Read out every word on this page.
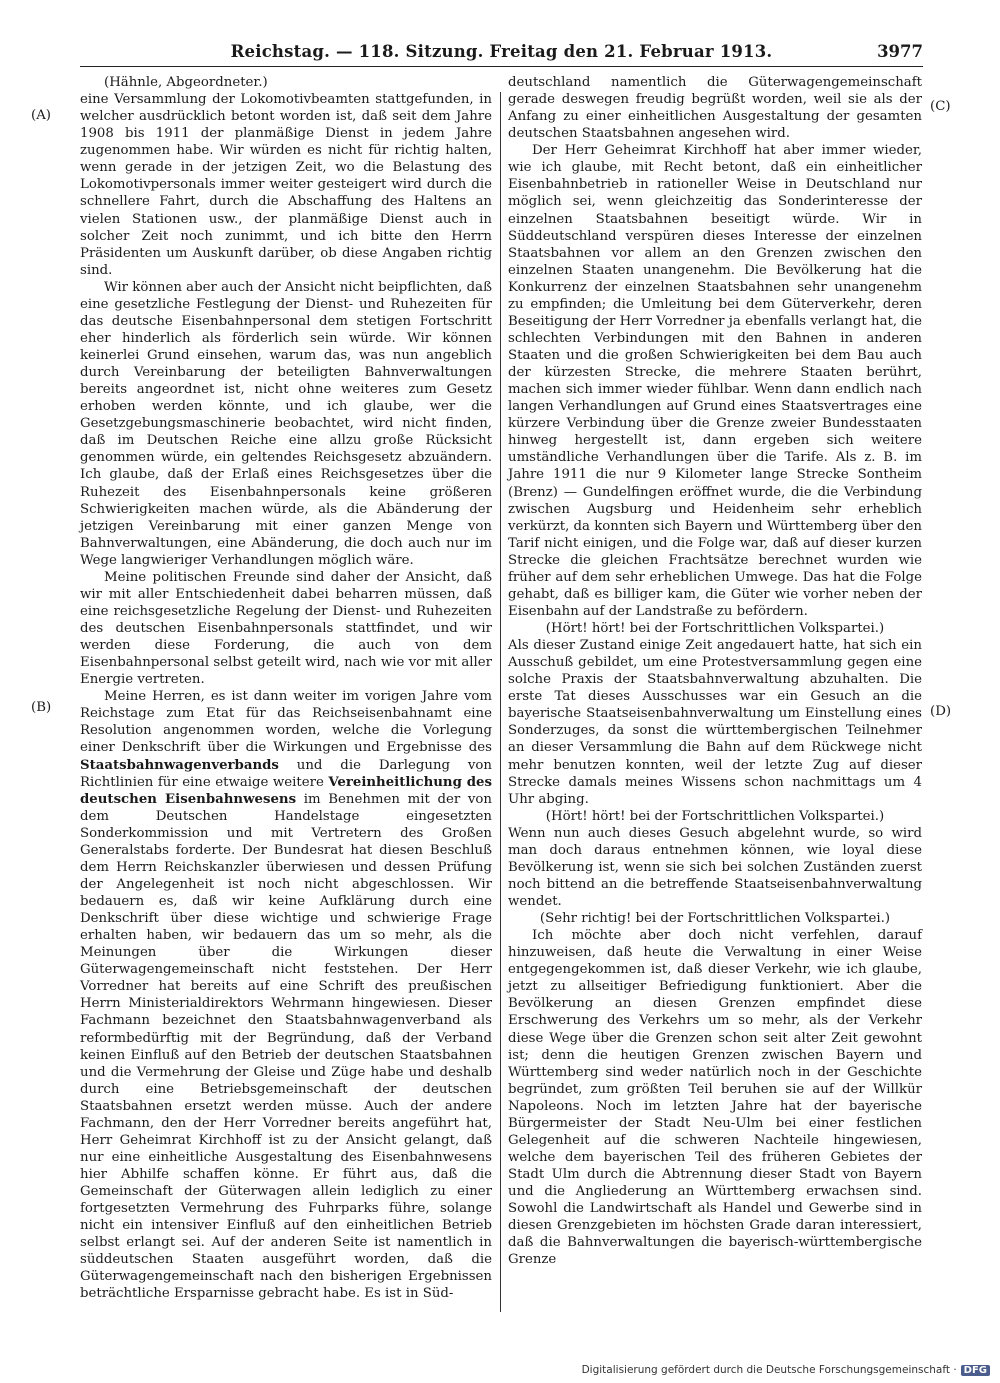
Reichstag. — 118. Sitzung. Freitag den 21. Februar 1913.	3977
(A)
(B)
(C)
(D)

(Hähnle, Abgeordneter.)

eine Versammlung der Lokomotivbeamten stattgefunden, in welcher ausdrücklich betont worden ist, daß seit dem Jahre 1908 bis 1911 der planmäßige Dienst in jedem Jahre zugenommen habe. Wir würden es nicht für richtig halten, wenn gerade in der jetzigen Zeit, wo die Belastung des Lokomotivpersonals immer weiter gesteigert wird durch die schnellere Fahrt, durch die Abschaffung des Haltens an vielen Stationen usw., der planmäßige Dienst auch in solcher Zeit noch zunimmt, und ich bitte den Herrn Präsidenten um Auskunft darüber, ob diese Angaben richtig sind.

Wir können aber auch der Ansicht nicht beipflichten, daß eine gesetzliche Festlegung der Dienst- und Ruhezeiten für das deutsche Eisenbahnpersonal dem stetigen Fortschritt eher hinderlich als förderlich sein würde. Wir können keinerlei Grund einsehen, warum das, was nun angeblich durch Vereinbarung der beteiligten Bahnverwaltungen bereits angeordnet ist, nicht ohne weiteres zum Gesetz erhoben werden könnte, und ich glaube, wer die Gesetzgebungsmaschinerie beobachtet, wird nicht finden, daß im Deutschen Reiche eine allzu große Rücksicht genommen würde, ein geltendes Reichsgesetz abzuändern. Ich glaube, daß der Erlaß eines Reichsgesetzes über die Ruhezeit des Eisenbahnpersonals keine größeren Schwierigkeiten machen würde, als die Abänderung der jetzigen Vereinbarung mit einer ganzen Menge von Bahnverwaltungen, eine Abänderung, die doch auch nur im Wege langwieriger Verhandlungen möglich wäre.

Meine politischen Freunde sind daher der Ansicht, daß wir mit aller Entschiedenheit dabei beharren müssen, daß eine reichsgesetzliche Regelung der Dienst- und Ruhezeiten des deutschen Eisenbahnpersonals stattfindet, und wir werden diese Forderung, die auch von dem Eisenbahnpersonal selbst geteilt wird, nach wie vor mit aller Energie vertreten.

Meine Herren, es ist dann weiter im vorigen Jahre vom Reichstage zum Etat für das Reichseisenbahnamt eine Resolution angenommen worden, welche die Vorlegung einer Denkschrift über die Wirkungen und Ergebnisse des Staatsbahnwagenverbands und die Darlegung von Richtlinien für eine etwaige weitere Vereinheitlichung des deutschen Eisenbahnwesens im Benehmen mit der von dem Deutschen Handelstage eingesetzten Sonderkommission und mit Vertretern des Großen Generalstabs forderte. Der Bundesrat hat diesen Beschluß dem Herrn Reichskanzler überwiesen und dessen Prüfung der Angelegenheit ist noch nicht abgeschlossen. Wir bedauern es, daß wir keine Aufklärung durch eine Denkschrift über diese wichtige und schwierige Frage erhalten haben, wir bedauern das um so mehr, als die Meinungen über die Wirkungen dieser Güterwagengemeinschaft nicht feststehen. Der Herr Vorredner hat bereits auf eine Schrift des preußischen Herrn Ministerialdirektors Wehrmann hingewiesen. Dieser Fachmann bezeichnet den Staatsbahnwagenverband als reformbedürftig mit der Begründung, daß der Verband keinen Einfluß auf den Betrieb der deutschen Staatsbahnen und die Vermehrung der Gleise und Züge habe und deshalb durch eine Betriebsgemeinschaft der deutschen Staatsbahnen ersetzt werden müsse. Auch der andere Fachmann, den der Herr Vorredner bereits angeführt hat, Herr Geheimrat Kirchhoff ist zu der Ansicht gelangt, daß nur eine einheitliche Ausgestaltung des Eisenbahnwesens hier Abhilfe schaffen könne. Er führt aus, daß die Gemeinschaft der Güterwagen allein lediglich zu einer fortgesetzten Vermehrung des Fuhrparks führe, solange nicht ein intensiver Einfluß auf den einheitlichen Betrieb selbst erlangt sei. Auf der anderen Seite ist namentlich in süddeutschen Staaten ausgeführt worden, daß die Güterwagengemeinschaft nach den bisherigen Ergebnissen beträchtliche Ersparnisse gebracht habe. Es ist in Süd-

deutschland namentlich die Güterwagengemeinschaft gerade deswegen freudig begrüßt worden, weil sie als der Anfang zu einer einheitlichen Ausgestaltung der gesamten deutschen Staatsbahnen angesehen wird.

Der Herr Geheimrat Kirchhoff hat aber immer wieder, wie ich glaube, mit Recht betont, daß ein einheitlicher Eisenbahnbetrieb in rationeller Weise in Deutschland nur möglich sei, wenn gleichzeitig das Sonderinteresse der einzelnen Staatsbahnen beseitigt würde. Wir in Süddeutschland verspüren dieses Interesse der einzelnen Staatsbahnen vor allem an den Grenzen zwischen den einzelnen Staaten unangenehm. Die Bevölkerung hat die Konkurrenz der einzelnen Staatsbahnen sehr unangenehm zu empfinden; die Umleitung bei dem Güterverkehr, deren Beseitigung der Herr Vorredner ja ebenfalls verlangt hat, die schlechten Verbindungen mit den Bahnen in anderen Staaten und die großen Schwierigkeiten bei dem Bau auch der kürzesten Strecke, die mehrere Staaten berührt, machen sich immer wieder fühlbar. Wenn dann endlich nach langen Verhandlungen auf Grund eines Staatsvertrages eine kürzere Verbindung über die Grenze zweier Bundesstaaten hinweg hergestellt ist, dann ergeben sich weitere umständliche Verhandlungen über die Tarife. Als z. B. im Jahre 1911 die nur 9 Kilometer lange Strecke Sontheim (Brenz) — Gundelfingen eröffnet wurde, die die Verbindung zwischen Augsburg und Heidenheim sehr erheblich verkürzt, da konnten sich Bayern und Württemberg über den Tarif nicht einigen, und die Folge war, daß auf dieser kurzen Strecke die gleichen Frachtsätze berechnet wurden wie früher auf dem sehr erheblichen Umwege. Das hat die Folge gehabt, daß es billiger kam, die Güter wie vorher neben der Eisenbahn auf der Landstraße zu befördern.

(Hört! hört! bei der Fortschrittlichen Volkspartei.)

Als dieser Zustand einige Zeit angedauert hatte, hat sich ein Ausschuß gebildet, um eine Protestversammlung gegen eine solche Praxis der Staatsbahnverwaltung abzuhalten. Die erste Tat dieses Ausschusses war ein Gesuch an die bayerische Staatseisenbahnverwaltung um Einstellung eines Sonderzuges, da sonst die württembergischen Teilnehmer an dieser Versammlung die Bahn auf dem Rückwege nicht mehr benutzen konnten, weil der letzte Zug auf dieser Strecke damals meines Wissens schon nachmittags um 4 Uhr abging.

(Hört! hört! bei der Fortschrittlichen Volkspartei.)

Wenn nun auch dieses Gesuch abgelehnt wurde, so wird man doch daraus entnehmen können, wie loyal diese Bevölkerung ist, wenn sie sich bei solchen Zuständen zuerst noch bittend an die betreffende Staatseisenbahnverwaltung wendet.

(Sehr richtig! bei der Fortschrittlichen Volkspartei.)

Ich möchte aber doch nicht verfehlen, darauf hinzuweisen, daß heute die Verwaltung in einer Weise entgegengekommen ist, daß dieser Verkehr, wie ich glaube, jetzt zu allseitiger Befriedigung funktioniert. Aber die Bevölkerung an diesen Grenzen empfindet diese Erschwerung des Verkehrs um so mehr, als der Verkehr diese Wege über die Grenzen schon seit alter Zeit gewohnt ist; denn die heutigen Grenzen zwischen Bayern und Württemberg sind weder natürlich noch in der Geschichte begründet, zum größten Teil beruhen sie auf der Willkür Napoleons. Noch im letzten Jahre hat der bayerische Bürgermeister der Stadt Neu-Ulm bei einer festlichen Gelegenheit auf die schweren Nachteile hingewiesen, welche dem bayerischen Teil des früheren Gebietes der Stadt Ulm durch die Abtrennung dieser Stadt von Bayern und die Angliederung an Württemberg erwachsen sind. Sowohl die Landwirtschaft als Handel und Gewerbe sind in diesen Grenzgebieten im höchsten Grade daran interessiert, daß die Bahnverwaltungen die bayerisch-württembergische Grenze

Digitalisierung gefördert durch die Deutsche Forschungsgemeinschaft · DFG
